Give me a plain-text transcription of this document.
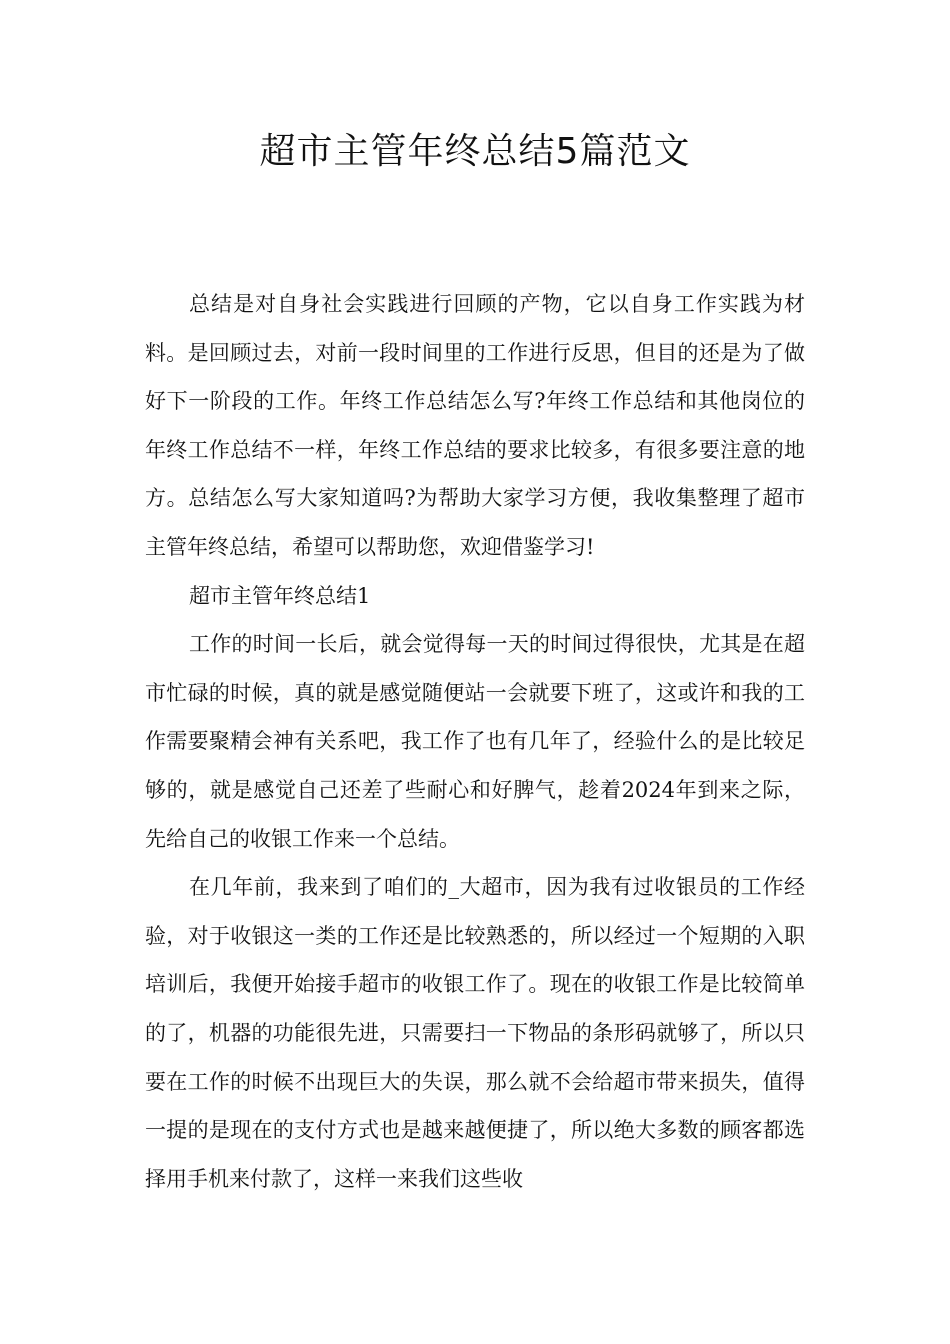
超市主管年终总结5篇范文

总结是对自身社会实践进行回顾的产物，它以自身工作实践为材料。是回顾过去，对前一段时间里的工作进行反思，但目的还是为了做好下一阶段的工作。年终工作总结怎么写?年终工作总结和其他岗位的年终工作总结不一样，年终工作总结的要求比较多，有很多要注意的地方。总结怎么写大家知道吗?为帮助大家学习方便，我收集整理了超市主管年终总结，希望可以帮助您，欢迎借鉴学习!

超市主管年终总结1

工作的时间一长后，就会觉得每一天的时间过得很快，尤其是在超市忙碌的时候，真的就是感觉随便站一会就要下班了，这或许和我的工作需要聚精会神有关系吧，我工作了也有几年了，经验什么的是比较足够的，就是感觉自己还差了些耐心和好脾气，趁着2024年到来之际，先给自己的收银工作来一个总结。

在几年前，我来到了咱们的_大超市，因为我有过收银员的工作经验，对于收银这一类的工作还是比较熟悉的，所以经过一个短期的入职培训后，我便开始接手超市的收银工作了。现在的收银工作是比较简单的了，机器的功能很先进，只需要扫一下物品的条形码就够了，所以只要在工作的时候不出现巨大的失误，那么就不会给超市带来损失，值得一提的是现在的支付方式也是越来越便捷了，所以绝大多数的顾客都选择用手机来付款了，这样一来我们这些收
